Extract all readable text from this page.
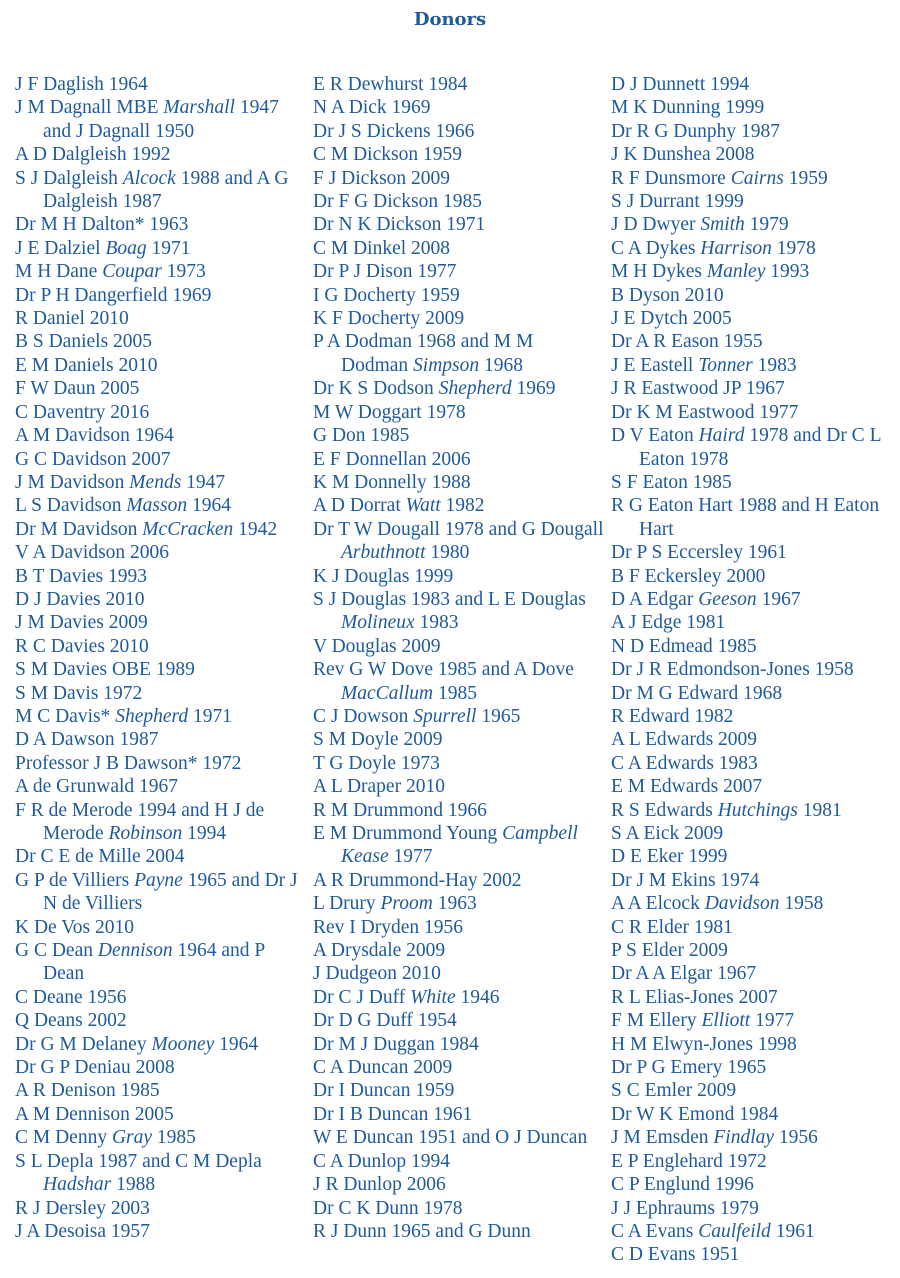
Donors
J F Daglish 1964
J M Dagnall MBE Marshall 1947 and J Dagnall 1950
A D Dalgleish 1992
S J Dalgleish Alcock 1988 and A G Dalgleish 1987
Dr M H Dalton* 1963
J E Dalziel Boag 1971
M H Dane Coupar 1973
Dr P H Dangerfield 1969
R Daniel 2010
B S Daniels 2005
E M Daniels 2010
F W Daun 2005
C Daventry 2016
A M Davidson 1964
G C Davidson 2007
J M Davidson Mends 1947
L S Davidson Masson 1964
Dr M Davidson McCracken 1942
V A Davidson 2006
B T Davies 1993
D J Davies 2010
J M Davies 2009
R C Davies 2010
S M Davies OBE 1989
S M Davis 1972
M C Davis* Shepherd 1971
D A Dawson 1987
Professor J B Dawson* 1972
A de Grunwald 1967
F R de Merode 1994 and H J de Merode Robinson 1994
Dr C E de Mille 2004
G P de Villiers Payne 1965 and Dr J N de Villiers
K De Vos 2010
G C Dean Dennison 1964 and P Dean
C Deane 1956
Q Deans 2002
Dr G M Delaney Mooney 1964
Dr G P Deniau 2008
A R Denison 1985
A M Dennison 2005
C M Denny Gray 1985
S L Depla 1987 and C M Depla Hadshar 1988
R J Dersley 2003
J A Desoisa 1957
E R Dewhurst 1984
N A Dick 1969
Dr J S Dickens 1966
C M Dickson 1959
F J Dickson 2009
Dr F G Dickson 1985
Dr N K Dickson 1971
C M Dinkel 2008
Dr P J Dison 1977
I G Docherty 1959
K F Docherty 2009
P A Dodman 1968 and M M Dodman Simpson 1968
Dr K S Dodson Shepherd 1969
M W Doggart 1978
G Don 1985
E F Donnellan 2006
K M Donnelly 1988
A D Dorrat Watt 1982
Dr T W Dougall 1978 and G Dougall Arbuthnott 1980
K J Douglas 1999
S J Douglas 1983 and L E Douglas Molineux 1983
V Douglas 2009
Rev G W Dove 1985 and A Dove MacCallum 1985
C J Dowson Spurrell 1965
S M Doyle 2009
T G Doyle 1973
A L Draper 2010
R M Drummond 1966
E M Drummond Young Campbell Kease 1977
A R Drummond-Hay 2002
L Drury Proom 1963
Rev I Dryden 1956
A Drysdale 2009
J Dudgeon 2010
Dr C J Duff White 1946
Dr D G Duff 1954
Dr M J Duggan 1984
C A Duncan 2009
Dr I Duncan 1959
Dr I B Duncan 1961
W E Duncan 1951 and O J Duncan
C A Dunlop 1994
J R Dunlop 2006
Dr C K Dunn 1978
R J Dunn 1965 and G Dunn
D J Dunnett 1994
M K Dunning 1999
Dr R G Dunphy 1987
J K Dunshea 2008
R F Dunsmore Cairns 1959
S J Durrant 1999
J D Dwyer Smith 1979
C A Dykes Harrison 1978
M H Dykes Manley 1993
B Dyson 2010
J E Dytch 2005
Dr A R Eason 1955
J E Eastell Tonner 1983
J R Eastwood JP 1967
Dr K M Eastwood 1977
D V Eaton Haird 1978 and Dr C L Eaton 1978
S F Eaton 1985
R G Eaton Hart 1988 and H Eaton Hart
Dr P S Eccersley 1961
B F Eckersley 2000
D A Edgar Geeson 1967
A J Edge 1981
N D Edmead 1985
Dr J R Edmondson-Jones 1958
Dr M G Edward 1968
R Edward 1982
A L Edwards 2009
C A Edwards 1983
E M Edwards 2007
R S Edwards Hutchings 1981
S A Eick 2009
D E Eker 1999
Dr J M Ekins 1974
A A Elcock Davidson 1958
C R Elder 1981
P S Elder 2009
Dr A A Elgar 1967
R L Elias-Jones 2007
F M Ellery Elliott 1977
H M Elwyn-Jones 1998
Dr P G Emery 1965
S C Emler 2009
Dr W K Emond 1984
J M Emsden Findlay 1956
E P Englehard 1972
C P Englund 1996
J J Ephraums 1979
C A Evans Caulfeild 1961
C D Evans 1951
